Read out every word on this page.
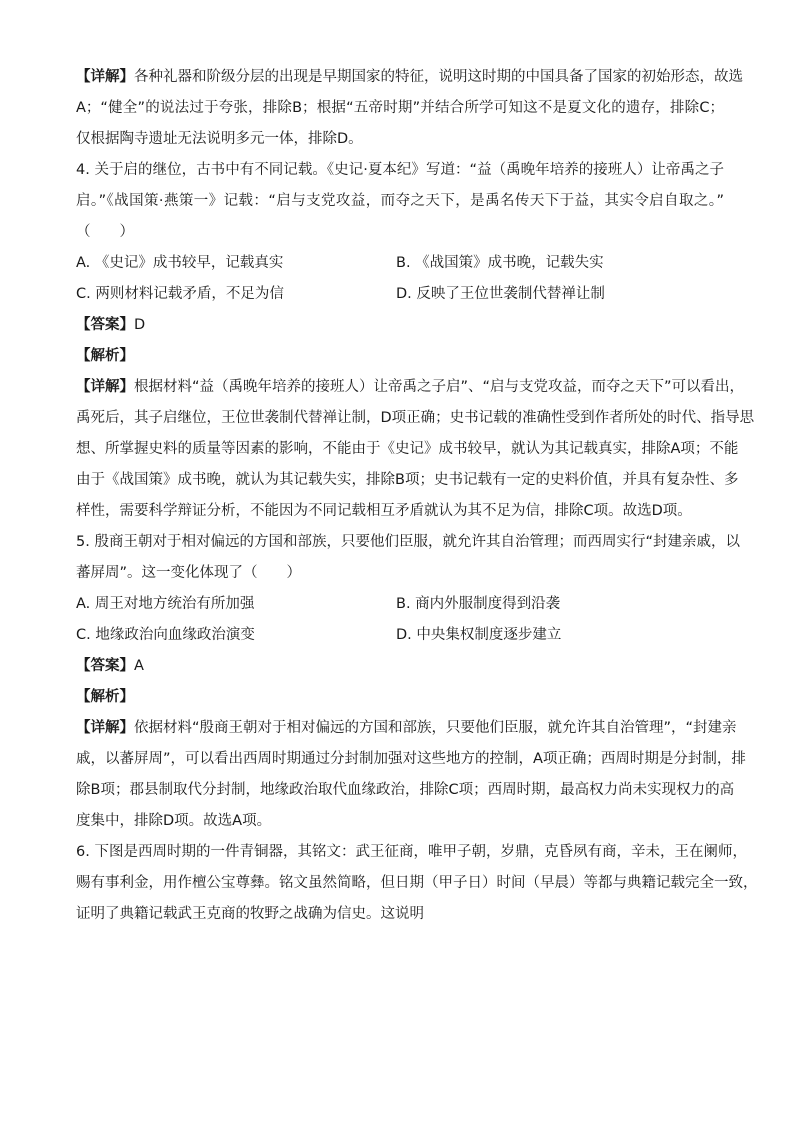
【详解】各种礼器和阶级分层的出现是早期国家的特征，说明这时期的中国具备了国家的初始形态，故选
A；“健全”的说法过于夸张，排除B；根据“五帝时期”并结合所学可知这不是夏文化的遗存，排除C；
仅根据陶寺遗址无法说明多元一体，排除D。
4. 关于启的继位，古书中有不同记载。《史记·夏本纪》写道：“益（禹晚年培养的接班人）让帝禹之子
启。”《战国策·燕策一》记载：“启与支党攻益，而夺之天下，是禹名传天下于益，其实令启自取之。”
（　　）
A. 《史记》成书较早，记载真实	B. 《战国策》成书晚，记载失实
C. 两则材料记载矛盾，不足为信	D. 反映了王位世袭制代替禅让制
【答案】D
【解析】
【详解】根据材料“益（禹晚年培养的接班人）让帝禹之子启”、“启与支党攻益，而夺之天下”可以看出，
禹死后，其子启继位，王位世袭制代替禅让制，D项正确；史书记载的准确性受到作者所处的时代、指导思
想、所掌握史料的质量等因素的影响，不能由于《史记》成书较早，就认为其记载真实，排除A项；不能
由于《战国策》成书晚，就认为其记载失实，排除B项；史书记载有一定的史料价值，并具有复杂性、多
样性，需要科学辩证分析，不能因为不同记载相互矛盾就认为其不足为信，排除C项。故选D项。
5. 殷商王朝对于相对偏远的方国和部族，只要他们臣服，就允许其自治管理；而西周实行“封建亲戚，以
蕃屏周”。这一变化体现了（　　）
A. 周王对地方统治有所加强	B. 商内外服制度得到沿袭
C. 地缘政治向血缘政治演变	D. 中央集权制度逐步建立
【答案】A
【解析】
【详解】依据材料“殷商王朝对于相对偏远的方国和部族，只要他们臣服，就允许其自治管理”，“封建亲
戚，以蕃屏周”，可以看出西周时期通过分封制加强对这些地方的控制，A项正确；西周时期是分封制，排
除B项；郡县制取代分封制，地缘政治取代血缘政治，排除C项；西周时期，最高权力尚未实现权力的高
度集中，排除D项。故选A项。
6. 下图是西周时期的一件青铜器，其铭文：武王征商，唯甲子朝，岁鼎，克昏夙有商，辛未，王在阑师，
赐有事利金，用作檀公宝尊彝。铭文虽然简略，但日期（甲子日）时间（早晨）等都与典籍记载完全一致，
证明了典籍记载武王克商的牧野之战确为信史。这说明
